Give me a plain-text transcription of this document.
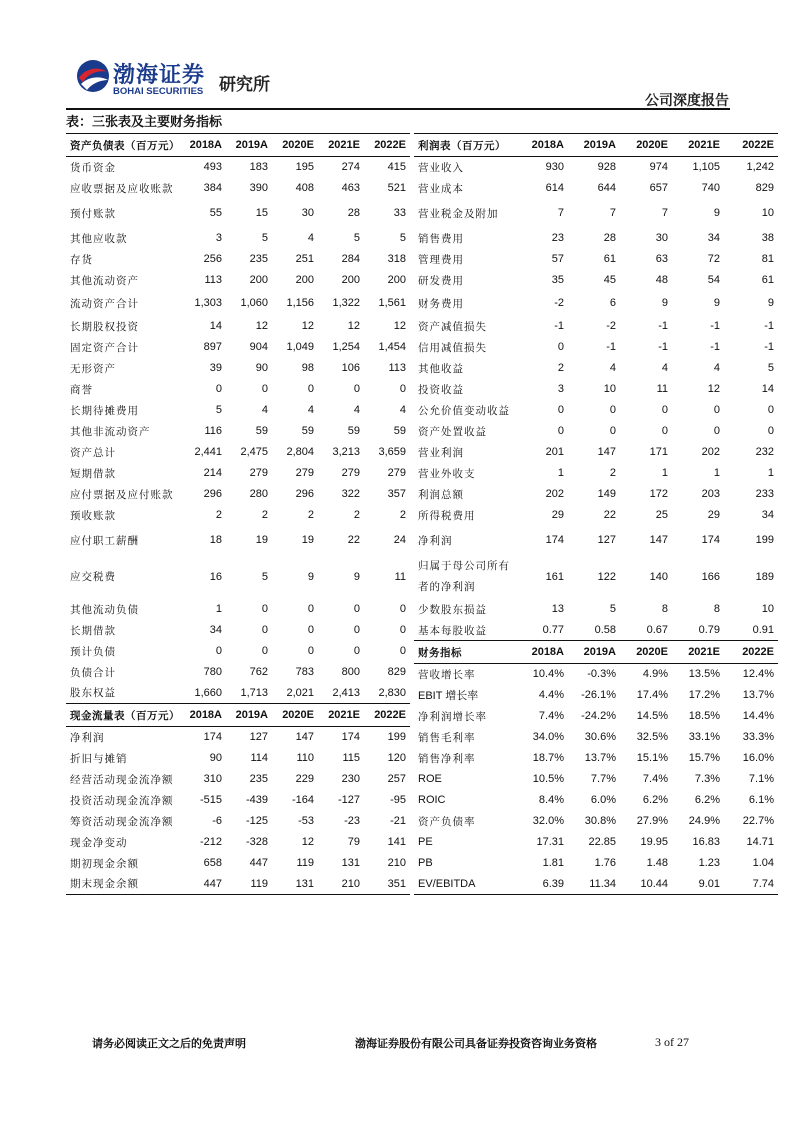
渤海证券
BOHAI SECURITIES 研究所
公司深度报告
表：三张表及主要财务指标
资产负债表（百万元）	2018A	2019A	2020E	2021E	2022E
货币资金	493	183	195	274	415
应收票据及应收账款	384	390	408	463	521
预付账款	55	15	30	28	33
其他应收款	3	5	4	5	5
存货	256	235	251	284	318
其他流动资产	113	200	200	200	200
流动资产合计	1,303	1,060	1,156	1,322	1,561
长期股权投资	14	12	12	12	12
固定资产合计	897	904	1,049	1,254	1,454
无形资产	39	90	98	106	113
商誉	0	0	0	0	0
长期待摊费用	5	4	4	4	4
其他非流动资产	116	59	59	59	59
资产总计	2,441	2,475	2,804	3,213	3,659
短期借款	214	279	279	279	279
应付票据及应付账款	296	280	296	322	357
预收账款	2	2	2	2	2
应付职工薪酬	18	19	19	22	24
应交税费	16	5	9	9	11
其他流动负债	1	0	0	0	0
长期借款	34	0	0	0	0
预计负债	0	0	0	0	0
负债合计	780	762	783	800	829
股东权益	1,660	1,713	2,021	2,413	2,830
现金流量表（百万元）	2018A	2019A	2020E	2021E	2022E
净利润	174	127	147	174	199
折旧与摊销	90	114	110	115	120
经营活动现金流净额	310	235	229	230	257
投资活动现金流净额	-515	-439	-164	-127	-95
筹资活动现金流净额	-6	-125	-53	-23	-21
现金净变动	-212	-328	12	79	141
期初现金余额	658	447	119	131	210
期末现金余额	447	119	131	210	351
利润表（百万元）	2018A	2019A	2020E	2021E	2022E
营业收入	930	928	974	1,105	1,242
营业成本	614	644	657	740	829
营业税金及附加	7	7	7	9	10
销售费用	23	28	30	34	38
管理费用	57	61	63	72	81
研发费用	35	45	48	54	61
财务费用	-2	6	9	9	9
资产减值损失	-1	-2	-1	-1	-1
信用减值损失	0	-1	-1	-1	-1
其他收益	2	4	4	4	5
投资收益	3	10	11	12	14
公允价值变动收益	0	0	0	0	0
资产处置收益	0	0	0	0	0
营业利润	201	147	171	202	232
营业外收支	1	2	1	1	1
利润总额	202	149	172	203	233
所得税费用	29	22	25	29	34
净利润	174	127	147	174	199
归属于母公司所有者的净利润	161	122	140	166	189
少数股东损益	13	5	8	8	10
基本每股收益	0.77	0.58	0.67	0.79	0.91

财务指标	2018A	2019A	2020E	2021E	2022E
营收增长率	10.4%	-0.3%	4.9%	13.5%	12.4%
EBIT 增长率	4.4%	-26.1%	17.4%	17.2%	13.7%
净利润增长率	7.4%	-24.2%	14.5%	18.5%	14.4%
销售毛利率	34.0%	30.6%	32.5%	33.1%	33.3%
销售净利率	18.7%	13.7%	15.1%	15.7%	16.0%
ROE	10.5%	7.7%	7.4%	7.3%	7.1%
ROIC	8.4%	6.0%	6.2%	6.2%	6.1%
资产负债率	32.0%	30.8%	27.9%	24.9%	22.7%
PE	17.31	22.85	19.95	16.83	14.71
PB	1.81	1.76	1.48	1.23	1.04
EV/EBITDA	6.39	11.34	10.44	9.01	7.74
请务必阅读正文之后的免责声明	渤海证券股份有限公司具备证券投资咨询业务资格	3 of 27
